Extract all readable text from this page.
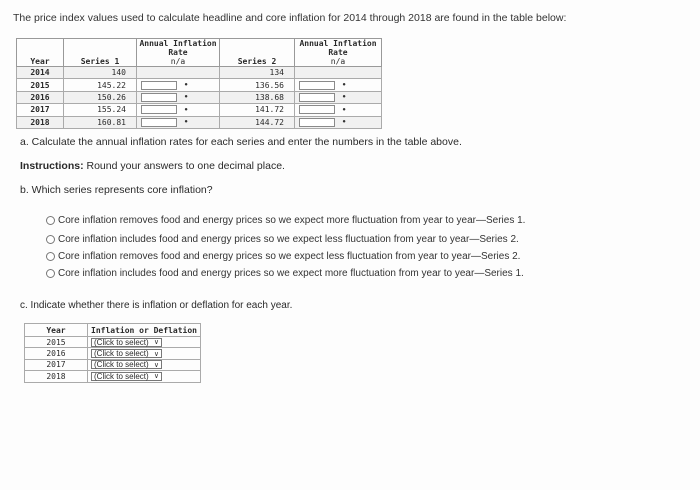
The price index values used to calculate headline and core inflation for 2014 through 2018 are found in the table below:
Year	Series 1	Annual Inflation
Rate
n/a	Series 2	Annual Inflation
Rate
n/a

2014	140		134	
2015	145.22	•	136.56	•

2016	150.26	•	138.68	•

2017	155.24	•	141.72	•

2018	160.81	•	144.72	•
a. Calculate the annual inflation rates for each series and enter the numbers in the table above.
Instructions: Round your answers to one decimal place.
b. Which series represents core inflation?
Core inflation removes food and energy prices so we expect more fluctuation from year to year—Series 1.
Core inflation includes food and energy prices so we expect less fluctuation from year to year—Series 2.
Core inflation removes food and energy prices so we expect less fluctuation from year to year—Series 2.
Core inflation includes food and energy prices so we expect more fluctuation from year to year—Series 1.
c. Indicate whether there is inflation or deflation for each year.
Year	Inflation or Deflation
2015	(Click to select) ∨

2016	(Click to select) ∨

2017	(Click to select) ∨

2018	(Click to select) ∨
